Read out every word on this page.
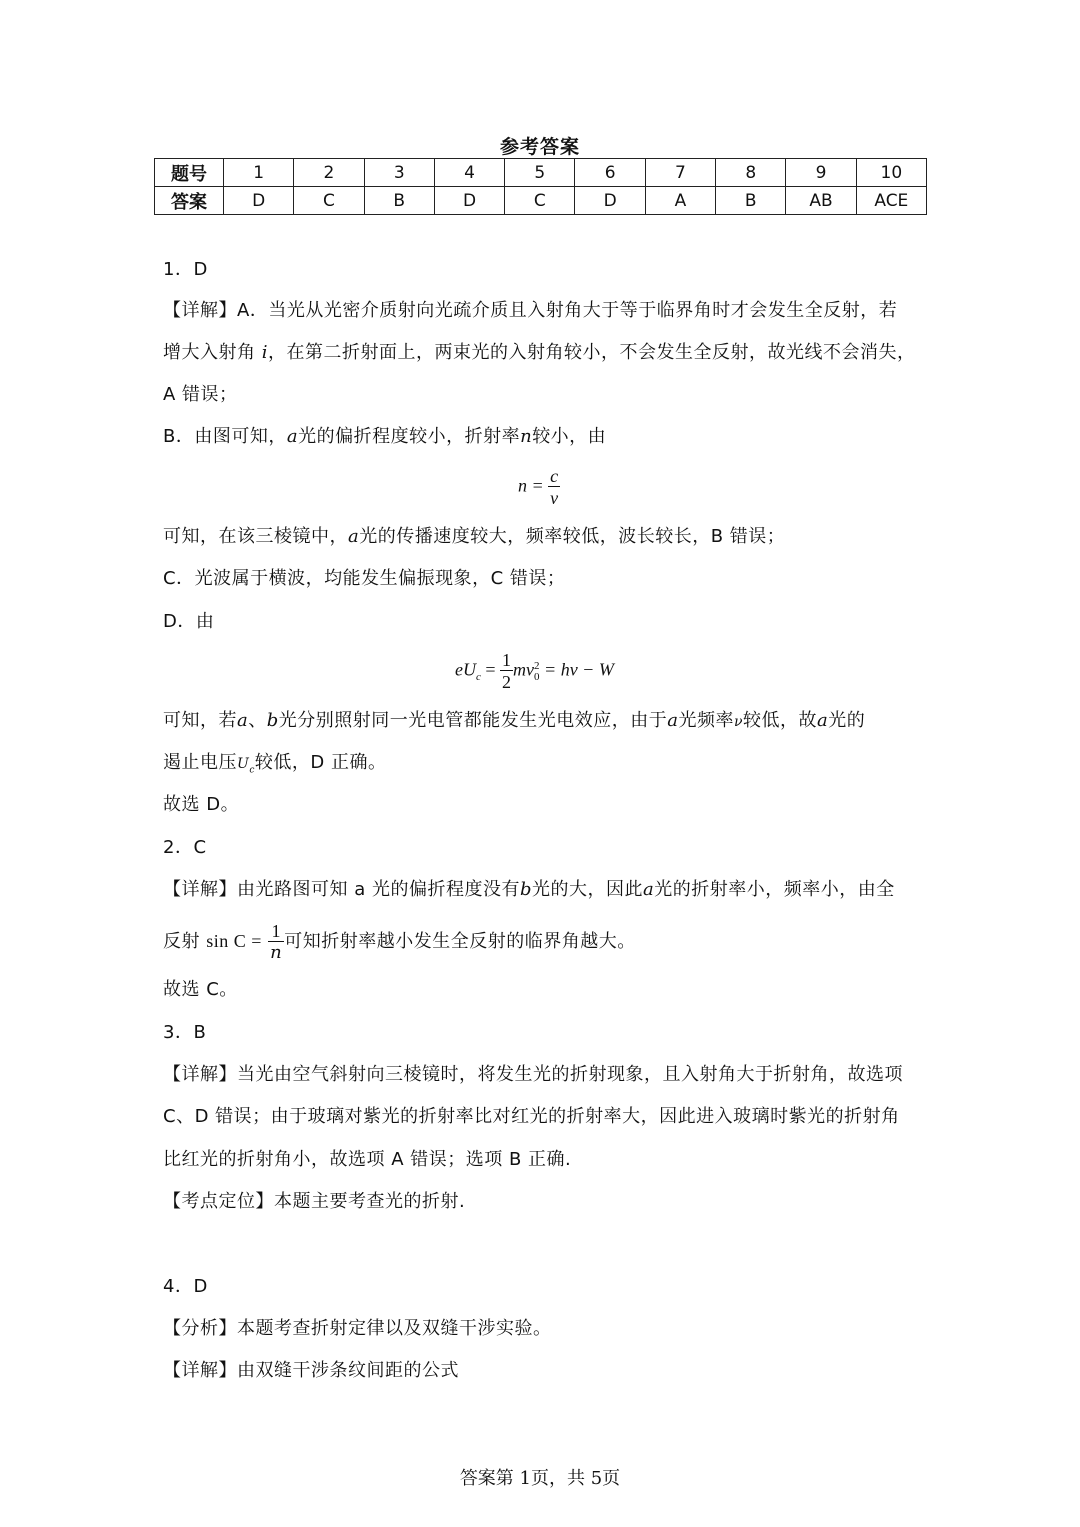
参考答案
题号	1	2	3	4	5	6	7	8	9	10
答案	D	C	B	D	C	D	A	B	AB	ACE
1．D
【详解】A．当光从光密介质射向光疏介质且入射角大于等于临界角时才会发生全反射，若
增大入射角 i，在第二折射面上，两束光的入射角较小，不会发生全反射，故光线不会消失，
A 错误；
B．由图可知，a光的偏折程度较小，折射率n较小，由
$n = \frac{c}{v}$
可知，在该三棱镜中，a光的传播速度较大，频率较低，波长较长，B 错误；
C．光波属于横波，均能发生偏振现象，C 错误；
D．由
$eU_c = \frac{1}{2}$ mv 2
0 = hν − W
可知，若a、b光分别照射同一光电管都能发生光电效应，由于a光频率ν较低，故a光的
遏止电压$U_c$较低，D 正确。
故选 D。
2．C
【详解】由光路图可知 a 光的偏折程度没有b光的大，因此a光的折射率小，频率小，由全
反射 $\sin C = \frac{1}{n}$ 可知折射率越小发生全反射的临界角越大。
故选 C。
3．B
【详解】当光由空气斜射向三棱镜时，将发生光的折射现象，且入射角大于折射角，故选项
C、D 错误；由于玻璃对紫光的折射率比对红光的折射率大，因此进入玻璃时紫光的折射角
比红光的折射角小，故选项 A 错误；选项 B 正确.
【考点定位】本题主要考查光的折射.
4．D
【分析】本题考查折射定律以及双缝干涉实验。
【详解】由双缝干涉条纹间距的公式
答案第 1页，共 5页
